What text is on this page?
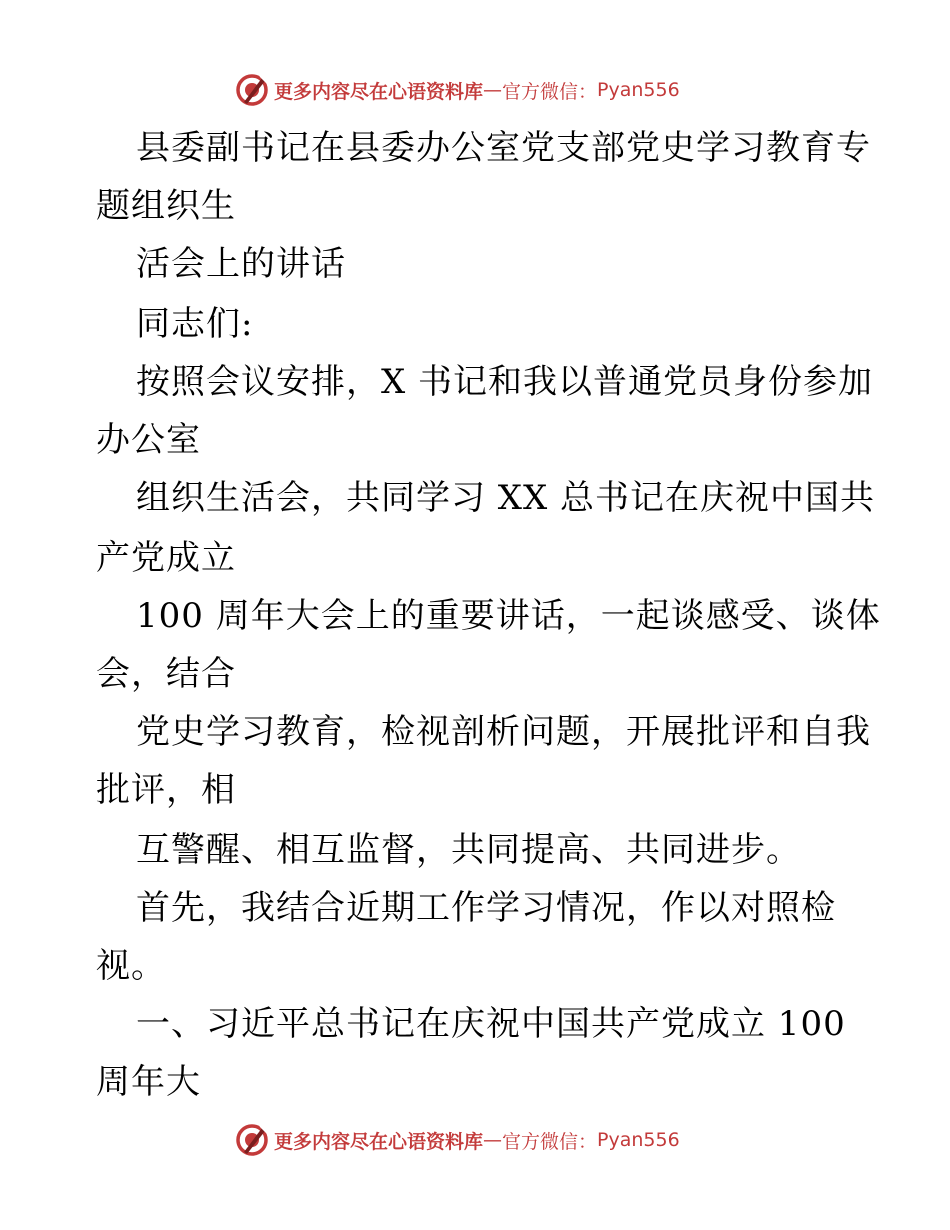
更多内容尽在心语资料库 — 官方微信： Pyan556
县委副书记在县委办公室党支部党史学习教育专
题组织生
活会上的讲话
同志们:
按照会议安排，X 书记和我以普通党员身份参加
办公室
组织生活会，共同学习 XX 总书记在庆祝中国共
产党成立
100 周年大会上的重要讲话，一起谈感受、谈体
会，结合
党史学习教育，检视剖析问题，开展批评和自我
批评，相
互警醒、相互监督，共同提高、共同进步。
首先，我结合近期工作学习情况，作以对照检
视。
一、习近平总书记在庆祝中国共产党成立 100
周年大
更多内容尽在心语资料库 — 官方微信： Pyan556
